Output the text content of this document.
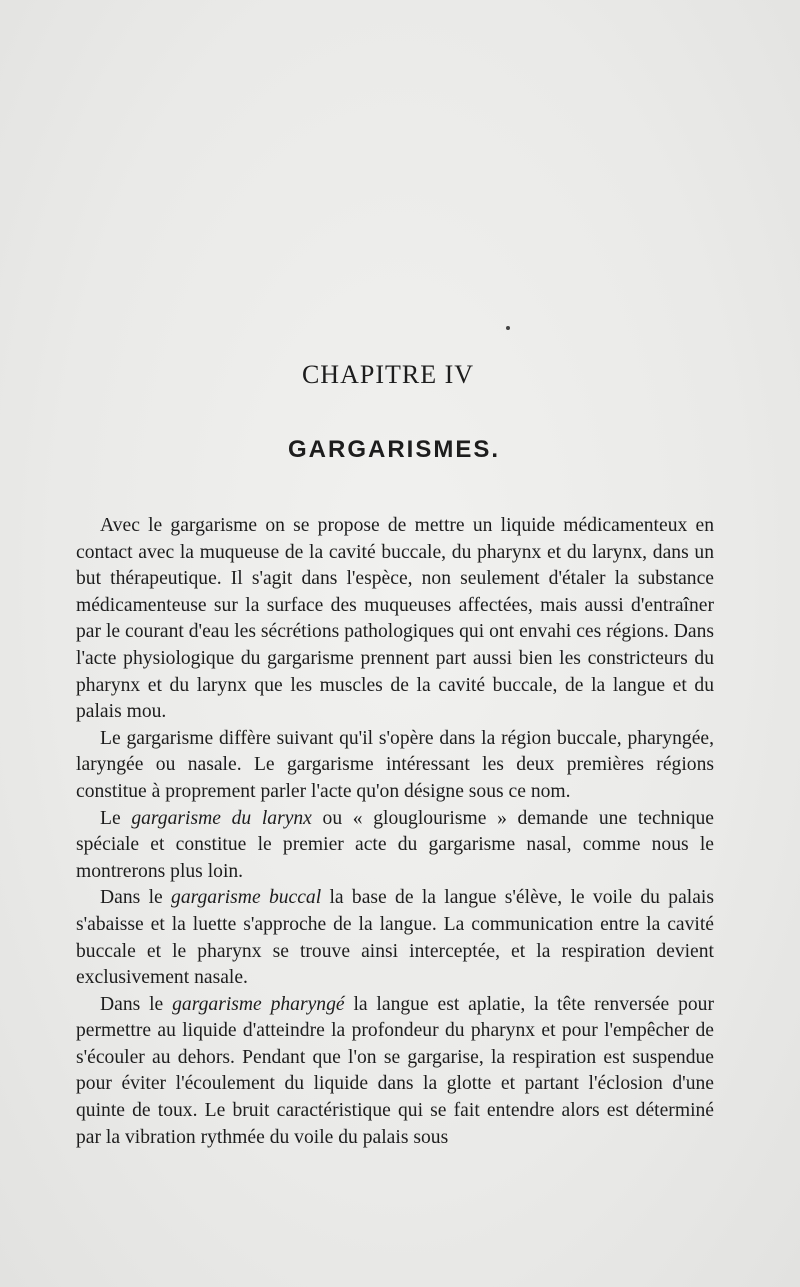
CHAPITRE IV
GARGARISMES.

Avec le gargarisme on se propose de mettre un liquide médicamenteux en contact avec la muqueuse de la cavité buccale, du pharynx et du larynx, dans un but thérapeutique. Il s'agit dans l'espèce, non seulement d'étaler la substance médicamenteuse sur la surface des muqueuses affectées, mais aussi d'entraîner par le courant d'eau les sécrétions pathologiques qui ont envahi ces régions. Dans l'acte physiologique du gargarisme prennent part aussi bien les constricteurs du pharynx et du larynx que les muscles de la cavité buccale, de la langue et du palais mou.

Le gargarisme diffère suivant qu'il s'opère dans la région buccale, pharyngée, laryngée ou nasale. Le gargarisme intéressant les deux premières régions constitue à proprement parler l'acte qu'on désigne sous ce nom.

Le gargarisme du larynx ou « glouglourisme » demande une technique spéciale et constitue le premier acte du gargarisme nasal, comme nous le montrerons plus loin.

Dans le gargarisme buccal la base de la langue s'élève, le voile du palais s'abaisse et la luette s'approche de la langue. La communication entre la cavité buccale et le pharynx se trouve ainsi interceptée, et la respiration devient exclusivement nasale.

Dans le gargarisme pharyngé la langue est aplatie, la tête renversée pour permettre au liquide d'atteindre la profondeur du pharynx et pour l'empêcher de s'écouler au dehors. Pendant que l'on se gargarise, la respiration est suspendue pour éviter l'écoulement du liquide dans la glotte et partant l'éclosion d'une quinte de toux. Le bruit caractéristique qui se fait entendre alors est déterminé par la vibration rythmée du voile du palais sous
